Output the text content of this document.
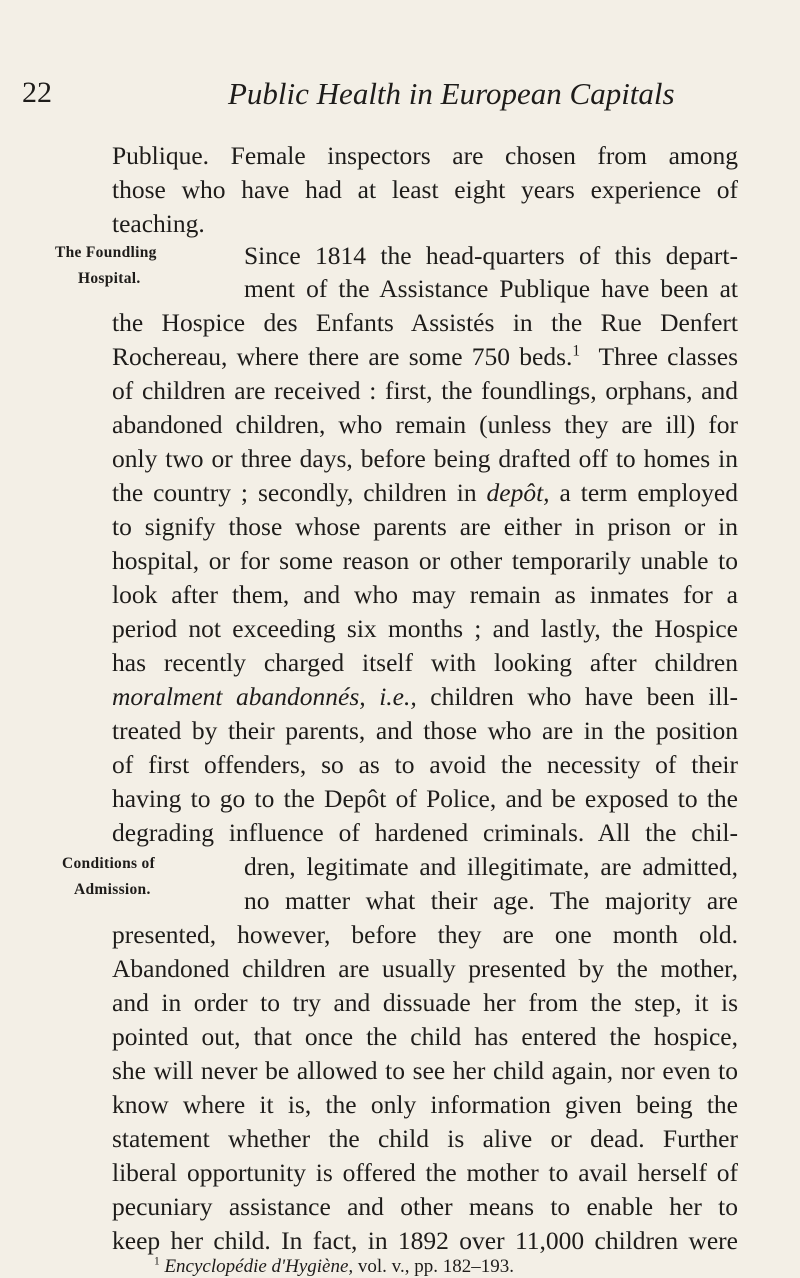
22	Public Health in European Capitals
Publique. Female inspectors are chosen from among
those who have had at least eight years experience of
teaching.
The Foundling
Hospital.
Since 1814 the head-quarters of this depart-
ment of the Assistance Publique have been at
the Hospice des Enfants Assistés in the Rue Denfert
Rochereau, where there are some 750 beds.$^1$ Three classes
of children are received : first, the foundlings, orphans, and
abandoned children, who remain (unless they are ill) for
only two or three days, before being drafted off to homes in
the country ; secondly, children in depôt, a term employed
to signify those whose parents are either in prison or in
hospital, or for some reason or other temporarily unable to
look after them, and who may remain as inmates for a
period not exceeding six months ; and lastly, the Hospice
has recently charged itself with looking after children
moralment abandonnés, i.e., children who have been ill-
treated by their parents, and those who are in the position
of first offenders, so as to avoid the necessity of their
having to go to the Depôt of Police, and be exposed to the
degrading influence of hardened criminals. All the chil-
Conditions of
Admission.
dren, legitimate and illegitimate, are admitted,
no matter what their age. The majority are
presented, however, before they are one month old.
Abandoned children are usually presented by the mother,
and in order to try and dissuade her from the step, it is
pointed out, that once the child has entered the hospice,
she will never be allowed to see her child again, nor even to
know where it is, the only information given being the
statement whether the child is alive or dead. Further
liberal opportunity is offered the mother to avail herself of
pecuniary assistance and other means to enable her to
keep her child. In fact, in 1892 over 11,000 children were
$^1$ Encyclopédie d'Hygiène, vol. v., pp. 182–193.
